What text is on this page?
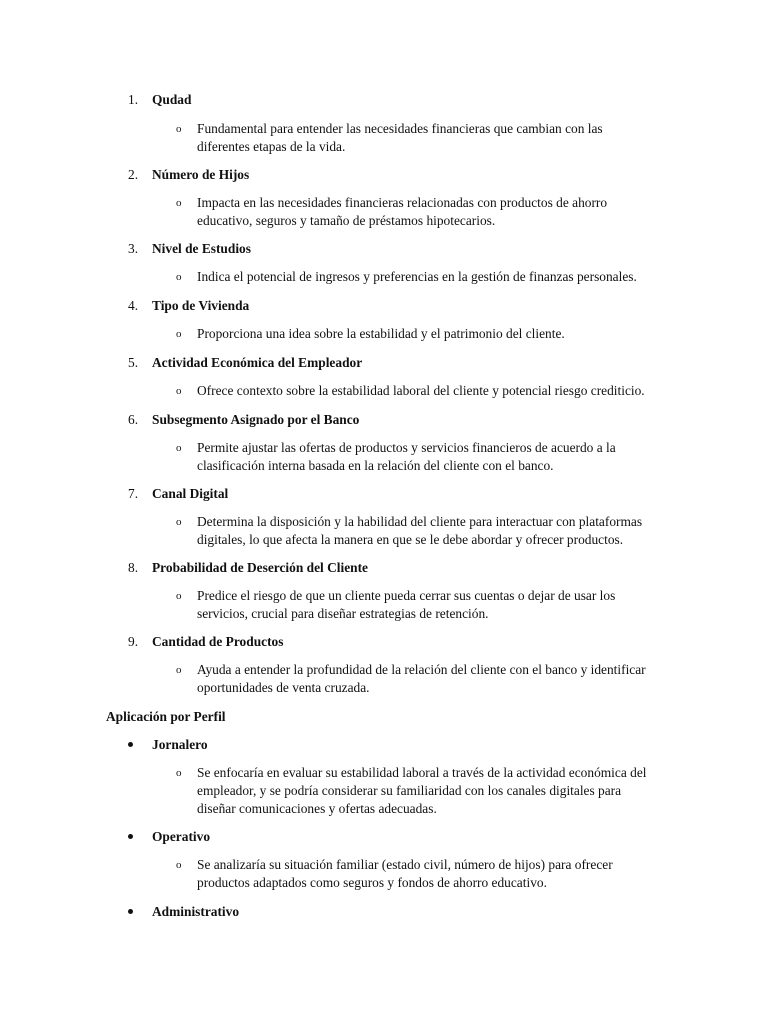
1.	Qudad
o Fundamental para entender las necesidades financieras que cambian con las
diferentes etapas de la vida.
2.	Número de Hijos
o Impacta en las necesidades financieras relacionadas con productos de ahorro
educativo, seguros y tamaño de préstamos hipotecarios.
3.	Nivel de Estudios
o Indica el potencial de ingresos y preferencias en la gestión de finanzas personales.
4.	Tipo de Vivienda
o Proporciona una idea sobre la estabilidad y el patrimonio del cliente.
5.	Actividad Económica del Empleador
o Ofrece contexto sobre la estabilidad laboral del cliente y potencial riesgo crediticio.
6.	Subsegmento Asignado por el Banco
o Permite ajustar las ofertas de productos y servicios financieros de acuerdo a la
clasificación interna basada en la relación del cliente con el banco.
7.	Canal Digital
o Determina la disposición y la habilidad del cliente para interactuar con plataformas
digitales, lo que afecta la manera en que se le debe abordar y ofrecer productos.
8.	Probabilidad de Deserción del Cliente
o Predice el riesgo de que un cliente pueda cerrar sus cuentas o dejar de usar los
servicios, crucial para diseñar estrategias de retención.
9.	Cantidad de Productos
o Ayuda a entender la profundidad de la relación del cliente con el banco y identificar
oportunidades de venta cruzada.
Aplicación por Perfil
Jornalero
o Se enfocaría en evaluar su estabilidad laboral a través de la actividad económica del
empleador, y se podría considerar su familiaridad con los canales digitales para
diseñar comunicaciones y ofertas adecuadas.
Operativo
o Se analizaría su situación familiar (estado civil, número de hijos) para ofrecer
productos adaptados como seguros y fondos de ahorro educativo.
Administrativo
